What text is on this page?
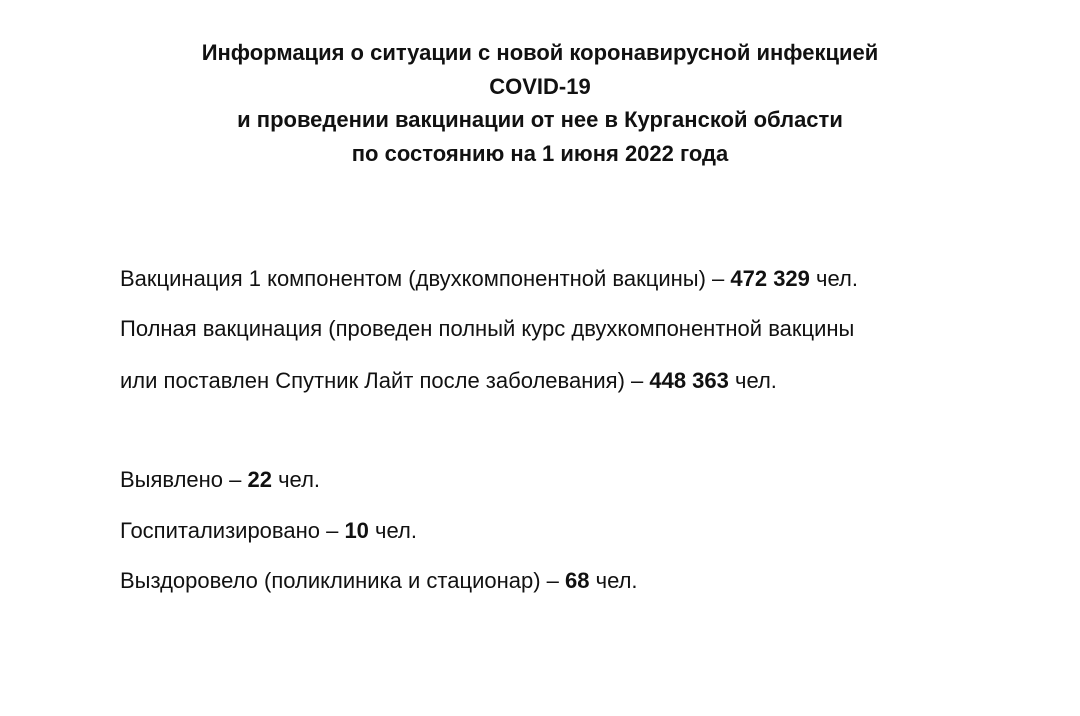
Информация о ситуации с новой коронавирусной инфекцией
COVID-19
и проведении вакцинации от нее в Курганской области
по состоянию на 1 июня 2022 года
Вакцинация 1 компонентом (двухкомпонентной вакцины) – 472 329 чел.
Полная вакцинация (проведен полный курс двухкомпонентной вакцины
или поставлен Спутник Лайт после заболевания) – 448 363 чел.
Выявлено – 22 чел.
Госпитализировано – 10 чел.
Выздоровело (поликлиника и стационар) – 68 чел.
